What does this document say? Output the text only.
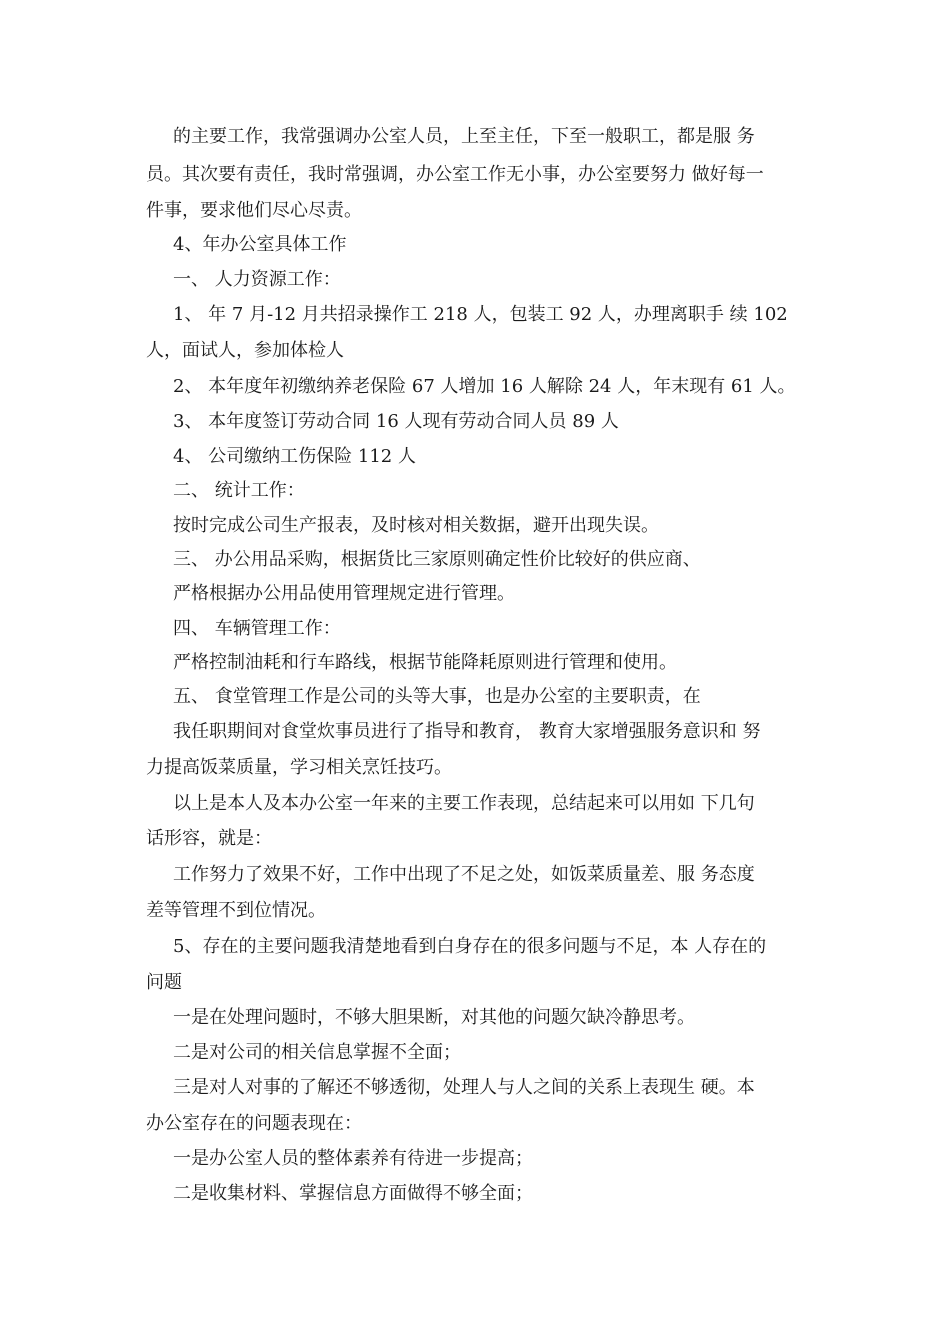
的主要工作，我常强调办公室人员，上至主任，下至一般职工，都是服 务
员。其次要有责任，我时常强调，办公室工作无小事，办公室要努力 做好每一
件事，要求他们尽心尽责。
4、年办公室具体工作
一、 人力资源工作：
1、 年 7 月-12 月共招录操作工 218 人，包装工 92 人，办理离职手 续 102
人，面试人，参加体检人
2、 本年度年初缴纳养老保险 67 人增加 16 人解除 24 人，年末现有 61 人。
3、 本年度签订劳动合同 16 人现有劳动合同人员 89 人
4、 公司缴纳工伤保险 112 人
二、 统计工作：
按时完成公司生产报表，及时核对相关数据，避开出现失误。
三、 办公用品采购，根据货比三家原则确定性价比较好的供应商、
严格根据办公用品使用管理规定进行管理。
四、 车辆管理工作：
严格控制油耗和行车路线，根据节能降耗原则进行管理和使用。
五、 食堂管理工作是公司的头等大事，也是办公室的主要职责，在
我任职期间对食堂炊事员进行了指导和教育， 教育大家增强服务意识和 努
力提高饭菜质量，学习相关烹饪技巧。
以上是本人及本办公室一年来的主要工作表现，总结起来可以用如 下几句
话形容，就是：
工作努力了效果不好，工作中出现了不足之处，如饭菜质量差、服 务态度
差等管理不到位情况。
5、存在的主要问题我清楚地看到白身存在的很多问题与不足，本 人存在的
问题
一是在处理问题时，不够大胆果断，对其他的问题欠缺冷静思考。
二是对公司的相关信息掌握不全面；
三是对人对事的了解还不够透彻，处理人与人之间的关系上表现生 硬。本
办公室存在的问题表现在：
一是办公室人员的整体素养有待进一步提高；
二是收集材料、掌握信息方面做得不够全面；
